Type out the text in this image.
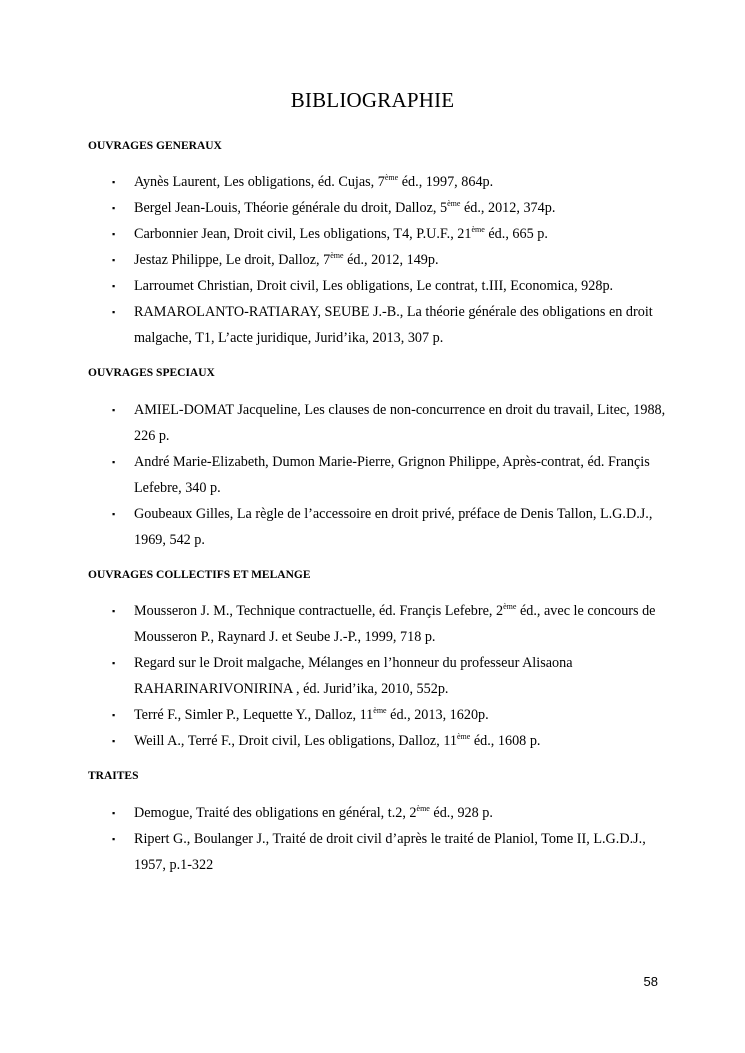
BIBLIOGRAPHIE
OUVRAGES GENERAUX
▪ Aynès Laurent, Les obligations, éd. Cujas, 7ème éd., 1997, 864p.
▪ Bergel Jean-Louis, Théorie générale du droit, Dalloz, 5ème éd., 2012, 374p.
▪ Carbonnier Jean, Droit civil, Les obligations, T4, P.U.F., 21ème éd., 665 p.
▪ Jestaz Philippe, Le droit, Dalloz, 7ème éd., 2012, 149p.
▪ Larroumet Christian, Droit civil, Les obligations, Le contrat, t.III, Economica, 928p.
▪ RAMAROLANTO-RATIARAY, SEUBE J.-B., La théorie générale des obligations en droit malgache, T1, L’acte juridique, Jurid’ika, 2013, 307 p.
OUVRAGES SPECIAUX
▪ AMIEL-DOMAT Jacqueline, Les clauses de non-concurrence en droit du travail, Litec, 1988, 226 p.
▪ André Marie-Elizabeth, Dumon Marie-Pierre, Grignon Philippe, Après-contrat, éd. Françis Lefebre, 340 p.
▪ Goubeaux Gilles, La règle de l’accessoire en droit privé, préface de Denis Tallon, L.G.D.J., 1969, 542 p.
OUVRAGES COLLECTIFS ET MELANGE
▪ Mousseron J. M., Technique contractuelle, éd. Françis Lefebre, 2ème éd., avec le concours de Mousseron P., Raynard J. et Seube J.-P., 1999, 718 p.
▪ Regard sur le Droit malgache, Mélanges en l’honneur du professeur Alisaona RAHARINARIVONIRINA , éd. Jurid’ika, 2010, 552p.
▪ Terré F., Simler P., Lequette Y., Dalloz, 11ème éd., 2013, 1620p.
▪ Weill A., Terré F., Droit civil, Les obligations, Dalloz, 11ème éd., 1608 p.
TRAITES
▪ Demogue, Traité des obligations en général, t.2, 2ème éd., 928 p.
▪ Ripert G., Boulanger J., Traité de droit civil d’après le traité de Planiol, Tome II, L.G.D.J., 1957, p.1-322
58
